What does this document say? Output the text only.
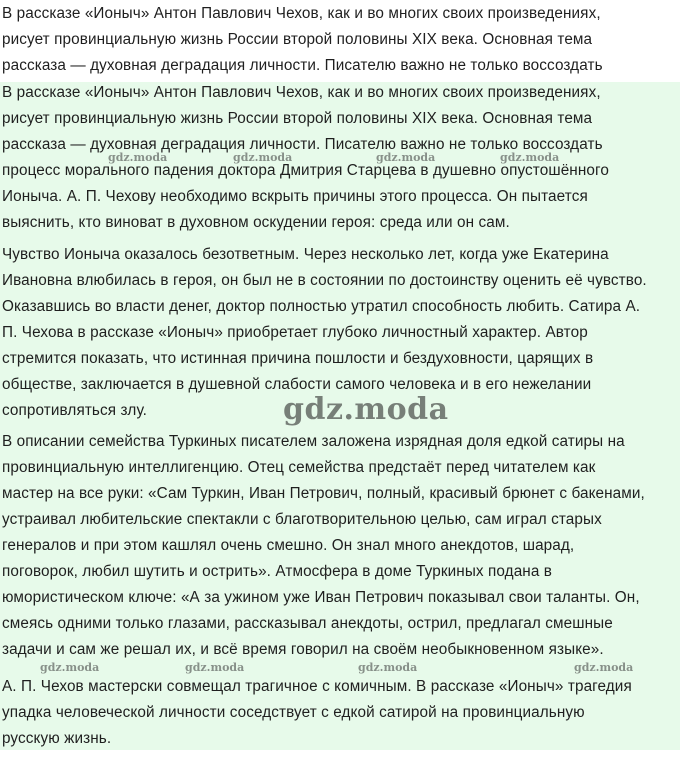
В рассказе «Ионыч» Антон Павлович Чехов, как и во многих своих произведениях,
рисует провинциальную жизнь России второй половины XIX века. Основная тема
рассказа — духовная деградация личности. Писателю важно не только воссоздать

В рассказе «Ионыч» Антон Павлович Чехов, как и во многих своих произведениях,
рисует провинциальную жизнь России второй половины XIX века. Основная тема
рассказа — духовная деградация личности. Писателю важно не только воссоздать
процесс морального падения доктора Дмитрия Старцева в душевно опустошённого
Ионыча. А. П. Чехову необходимо вскрыть причины этого процесса. Он пытается
выяснить, кто виноват в духовном оскудении героя: среда или он сам.

Чувство Ионыча оказалось безответным. Через несколько лет, когда уже Екатерина
Ивановна влюбилась в героя, он был не в состоянии по достоинству оценить её чувство.
Оказавшись во власти денег, доктор полностью утратил способность любить. Сатира А.
П. Чехова в рассказе «Ионыч» приобретает глубоко личностный характер. Автор
стремится показать, что истинная причина пошлости и бездуховности, царящих в
обществе, заключается в душевной слабости самого человека и в его нежелании
сопротивляться злу.

В описании семейства Туркиных писателем заложена изрядная доля едкой сатиры на
провинциальную интеллигенцию. Отец семейства предстаёт перед читателем как
мастер на все руки: «Сам Туркин, Иван Петрович, полный, красивый брюнет с бакенами,
устраивал любительские спектакли с благотворительною целью, сам играл старых
генералов и при этом кашлял очень смешно. Он знал много анекдотов, шарад,
поговорок, любил шутить и острить». Атмосфера в доме Туркиных подана в
юмористическом ключе: «А за ужином уже Иван Петрович показывал свои таланты. Он,
смеясь одними только глазами, рассказывал анекдоты, острил, предлагал смешные
задачи и сам же решал их, и всё время говорил на своём необыкновенном языке».

А. П. Чехов мастерски совмещал трагичное с комичным. В рассказе «Ионыч» трагедия
упадка человеческой личности соседствует с едкой сатирой на провинциальную
русскую жизнь.

gdz.moda	gdz.moda	gdz.moda	gdz.moda
gdz.moda
gdz.moda	gdz.moda	gdz.moda	gdz.moda
